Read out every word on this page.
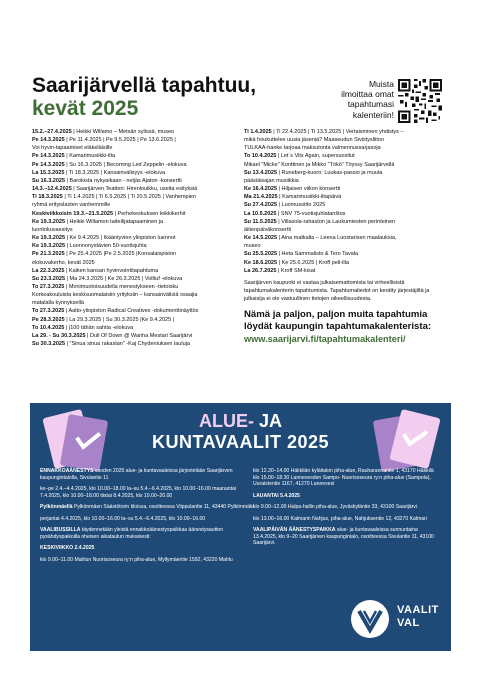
Saarijärvellä tapahtuu,
kevät 2025
Muista
ilmoittaa omat
tapahtumasi
kalenteriin!
15.2.–27.4.2025 | Heikki Willamo – Metsän sylissä, museo
Pe 14.3.2025 | Pe 11.4.2025 | Pe 9.5.2025 | Pe 13.6.2025 |
Voi hyvin-tapaamiset eläkeläisille
Pe 14.3.2025 | Kamarimusiikki-ilta
Pe 14.3.2025 | Su 16.3.2025 | Becoming Led Zeppelin -elokuva
La 15.3.2025 | Ti 18.3.2025 | Kansainvälisyys -elokuva
Su 16.3.2025 | Barokista nykyaikaan - neljäs Ajaton -konsertti
14.3.–12.4.2025 | Saarijärven Teatteri: Hirenlouikku, useita esityksiä
Ti 18.3.2025 | Ti 1.4.2025 | Ti 6.5.2025 | Ti 20.5.2025 | Vanhempien
ryhmä erityislasten vanhemmille
Keskiviikkoisin 19.3.–21.5.2025 | Perhekeskuksen leikkikerhit
Ke 19.3.2025 | Heikki Willamon taiteilijatapaaminen ja
luontokuvaesitys
Ke 19.3.2025 | Ke 9.4.2025 | Ikääntyvien yliopiston luennot
Ke 19.3.2025 | Luonnonystävien 50-vuotisjuhla
Pe 21.3.2025 | Pe 25.4.2025 |Pe 2.5.2025 |Konsalaispiston
elokuvakerho, kevät 2025
La 22.3.2025 | Kaiken kansan hyvinvointitapahtuma
Su 23.3.2025 | Ma 24.3.2025 | Ke 26.3.2025 | Volltuf -elokuva
To 27.3.2025 | Monimuotoisuudella menestykseen -tietoisku
Korkeakouluista keskisuomalaisiin yrityksiin – kansainvälisiä osaajia
matalalla kynnyksellä
To 27.3.2025 | Aalto-yliopiston Radical Creatives -dokumenttinäyttös
Pe 28.3.2025 | La 29.3.2025 | Su 30.3.2025 |Ke 9.4.2025 |
To 10.4.2025 | |100 tähän sahtia -elokuva
La 29. - Su 30.3.2025 | Dull Of Down @ Wanha Mestari Saarijärvi
Su 30.3.2025 | "Sinua sinua rakastan" -Kaj Chydeniuksen lauluja
Ti 1.4.2025 | Ti 22.4.2025 | Ti 13.5.2025 | Vertaisminen yhdistys –
mikä houkuttelee uusia jäseniä? Maaseudun Sivistysliiton
TULKAA-hanke tarjoaa maksutonta valmennussarjasoja
To 10.4.2025 | Let´s Vits Again, supersuositut
Mikael "Micke" Konttinen ja Mikko "Tökö" Töyssy Saarijärvellä
Su 13.4.2025 | Runeberg-kuoro: Luukas-passio ja muuta
pääsiäisajan musiikkia
Ke 16.4.2025 | Hiljaisen viikon konsertti
Ma 21.4.2025 | Kamarimusiikki-iltapäivä
Su 27.4.2025 | Luomusoitto 2025
La 10.5.2025 | SNV 75-vuotisjuhlatanštos
Su 11.5.2025 | Villasola-rahaston ja Laukumiesten perinteinen
äitienpäiväkonsertti
Ke 14.5.2025 | Aina matkalla – Leena Luostarisen maalauksia,
museo
Su 25.5.2025 | Heta Sammalisto & Tero Tavala
Ke 18.6.2025 | Ke 25.6.2025 | Kroff peli-ilta
La 26.7.2025 | Kroff SM-kisat
Saarijärven kaupunki ei vastaa julkaisemattomista tai virheellisistä tapahtumakalenterin tapahtumista. Tapahtumatiedot on kerätty järjestäjiltä ja julkaisija ei ole vastuullinen tietojen oikeellisuudesta.
Nämä ja paljon, paljon muita tapahtumia löydät kaupungin tapahtumakalenterista:
www.saarijarvi.fi/tapahtumakalenteri/
ALUE- JA
KUNTAVAALIT 2025

ENNAKKOÄÄNESTYS vuoden 2025 alue- ja kuntavaaleissa järjestetään Saarijärven kaupungintalolla, Sivulantie 11

ke–pe 2.4.–4.4.2025, klo 10.00–18.00 la–su 5.4.–6.4.2025, klo 10.00–16.00 maanantai 7.4.2025, klo 10.00–18.00 tiistai 8.4.2025, klo 10.00–20.00

Pylkönmäellä Pylkönmäen Säästötorin tiloissa, osoitteessa Viippulantie 11, 43440 Pylkönmäki

perjantai 4.4.2025, klo 10.00–16.00 la–su 5.4.–6.4.2025, klo 10.00–16.00

VAALIBUSSILLA täydennetään yleistä ennakkoäänestyspaikkaa äänestysautton pysähdyspaikoilla oheisen aikataulun mukaisesti:

KESKIVIIKKO 2.4.2025

klo 9.00–11.00 Mahlun Nuorisoseura ry:n piha-alue, Myllymäentie 1592, 43220 Mahlu

klo 12.30–14.00 Häkkilän kyläitalon piha-alue, Rauharannantie 1, 43170 Häkkilä klo 15.00–18.30 Lannevesden Sampo- Nuorisoseura ry:n piha-alue (Sampola), Uuraistentie 1167, 41270 Lannevesi

LAUANTAI 5.4.2025

klo 9.00–12.00 Halpa-hallin piha-alue, Jyväskyläntie 33, 43100 Saarijärvi

klo 13.00–16.00 Kalmarin Nahjus, piha-alue, Nahjuksentie 12, 43270 Kalmari

VAALIPÄIVÄN ÄÄNESTYSPAIKKA alue- ja kuntavaaleissa sunnuntaina 13.4.2025, klo 9–20 Saarijärven kaupungintalo, osoitteessa Sivulantie 11, 43100 Saarijärvi.

VAALIT
VAL
